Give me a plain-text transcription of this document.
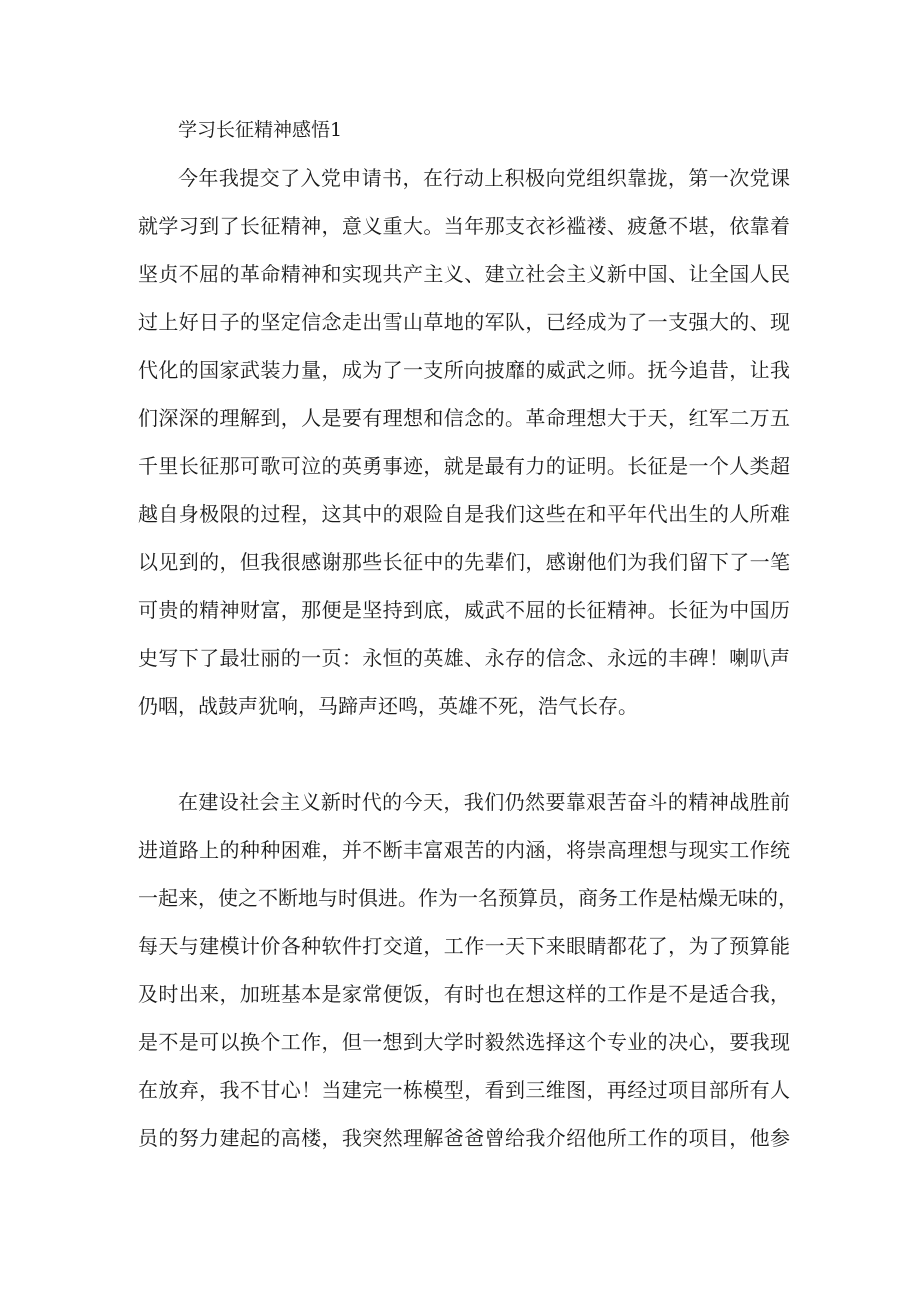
学习长征精神感悟1
今年我提交了入党申请书，在行动上积极向党组织靠拢，第一次党课
就学习到了长征精神，意义重大。当年那支衣衫褴褛、疲惫不堪，依靠着
坚贞不屈的革命精神和实现共产主义、建立社会主义新中国、让全国人民
过上好日子的坚定信念走出雪山草地的军队，已经成为了一支强大的、现
代化的国家武装力量，成为了一支所向披靡的威武之师。抚今追昔，让我
们深深的理解到，人是要有理想和信念的。革命理想大于天，红军二万五
千里长征那可歌可泣的英勇事迹，就是最有力的证明。长征是一个人类超
越自身极限的过程，这其中的艰险自是我们这些在和平年代出生的人所难
以见到的，但我很感谢那些长征中的先辈们，感谢他们为我们留下了一笔
可贵的精神财富，那便是坚持到底，威武不屈的长征精神。长征为中国历
史写下了最壮丽的一页：永恒的英雄、永存的信念、永远的丰碑！喇叭声
仍咽，战鼓声犹响，马蹄声还鸣，英雄不死，浩气长存。
在建设社会主义新时代的今天，我们仍然要靠艰苦奋斗的精神战胜前
进道路上的种种困难，并不断丰富艰苦的内涵，将崇高理想与现实工作统
一起来，使之不断地与时俱进。作为一名预算员，商务工作是枯燥无味的，
每天与建模计价各种软件打交道，工作一天下来眼睛都花了，为了预算能
及时出来，加班基本是家常便饭，有时也在想这样的工作是不是适合我，
是不是可以换个工作，但一想到大学时毅然选择这个专业的决心，要我现
在放弃，我不甘心！当建完一栋模型，看到三维图，再经过项目部所有人
员的努力建起的高楼，我突然理解爸爸曾给我介绍他所工作的项目，他参
